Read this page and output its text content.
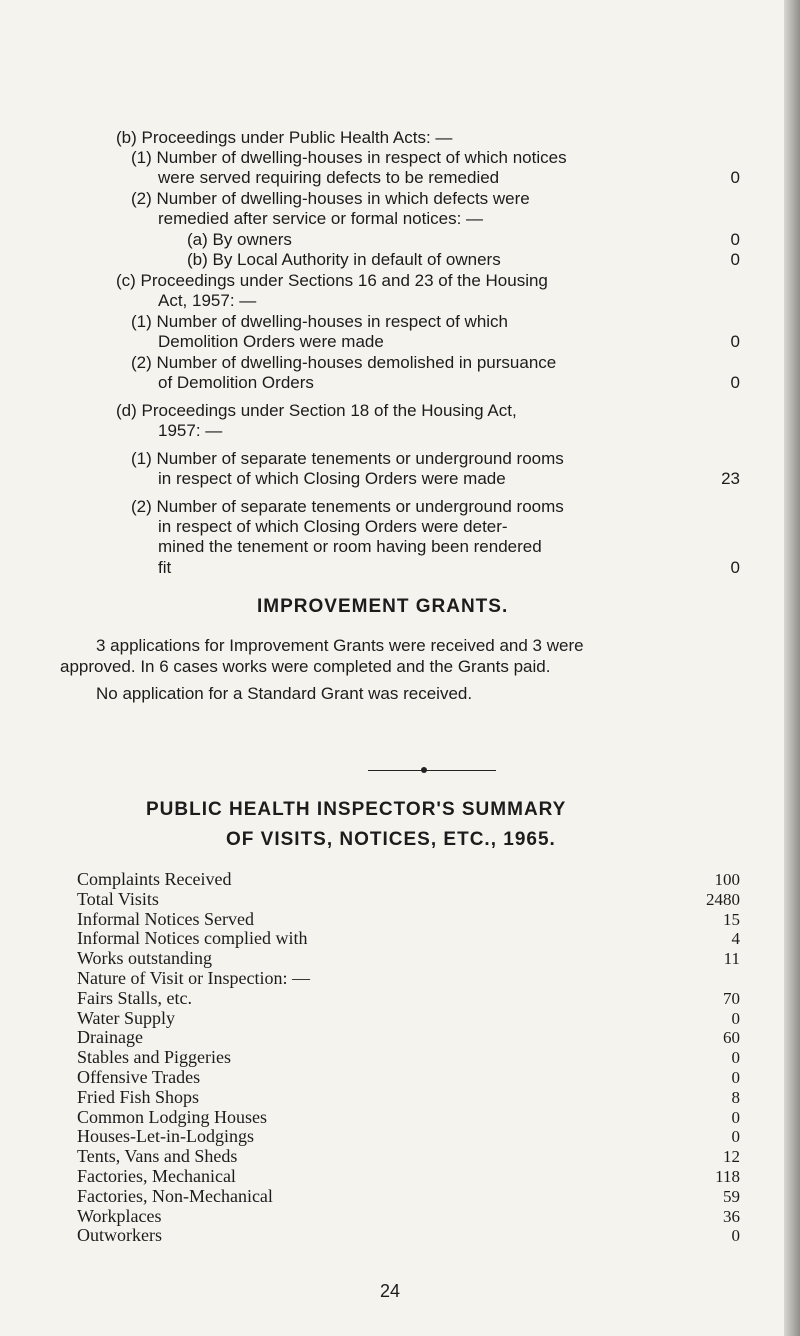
(b) Proceedings under Public Health Acts: —
(1) Number of dwelling-houses in respect of which notices
were served requiring defects to be remedied	0
(2) Number of dwelling-houses in which defects were
remedied after service or formal notices: —
(a) By owners	0
(b) By Local Authority in default of owners	0
(c) Proceedings under Sections 16 and 23 of the Housing
Act, 1957: —
(1) Number of dwelling-houses in respect of which
Demolition Orders were made	0
(2) Number of dwelling-houses demolished in pursuance
of Demolition Orders	0
(d) Proceedings under Section 18 of the Housing Act,
1957: —
(1) Number of separate tenements or underground rooms
in respect of which Closing Orders were made	23
(2) Number of separate tenements or underground rooms
in respect of which Closing Orders were deter-
mined the tenement or room having been rendered
fit	0
IMPROVEMENT GRANTS.
3 applications for Improvement Grants were received and 3 were
approved. In 6 cases works were completed and the Grants paid.
No application for a Standard Grant was received.
PUBLIC HEALTH INSPECTOR'S SUMMARY
OF VISITS, NOTICES, ETC., 1965.
Complaints Received	100
Total Visits	2480
Informal Notices Served	15
Informal Notices complied with	4
Works outstanding	11
Nature of Visit or Inspection: —
Fairs Stalls, etc.	70
Water Supply	0
Drainage	60
Stables and Piggeries	0
Offensive Trades	0
Fried Fish Shops	8
Common Lodging Houses	0
Houses-Let-in-Lodgings	0
Tents, Vans and Sheds	12
Factories, Mechanical	118
Factories, Non-Mechanical	59
Workplaces	36
Outworkers	0
24
